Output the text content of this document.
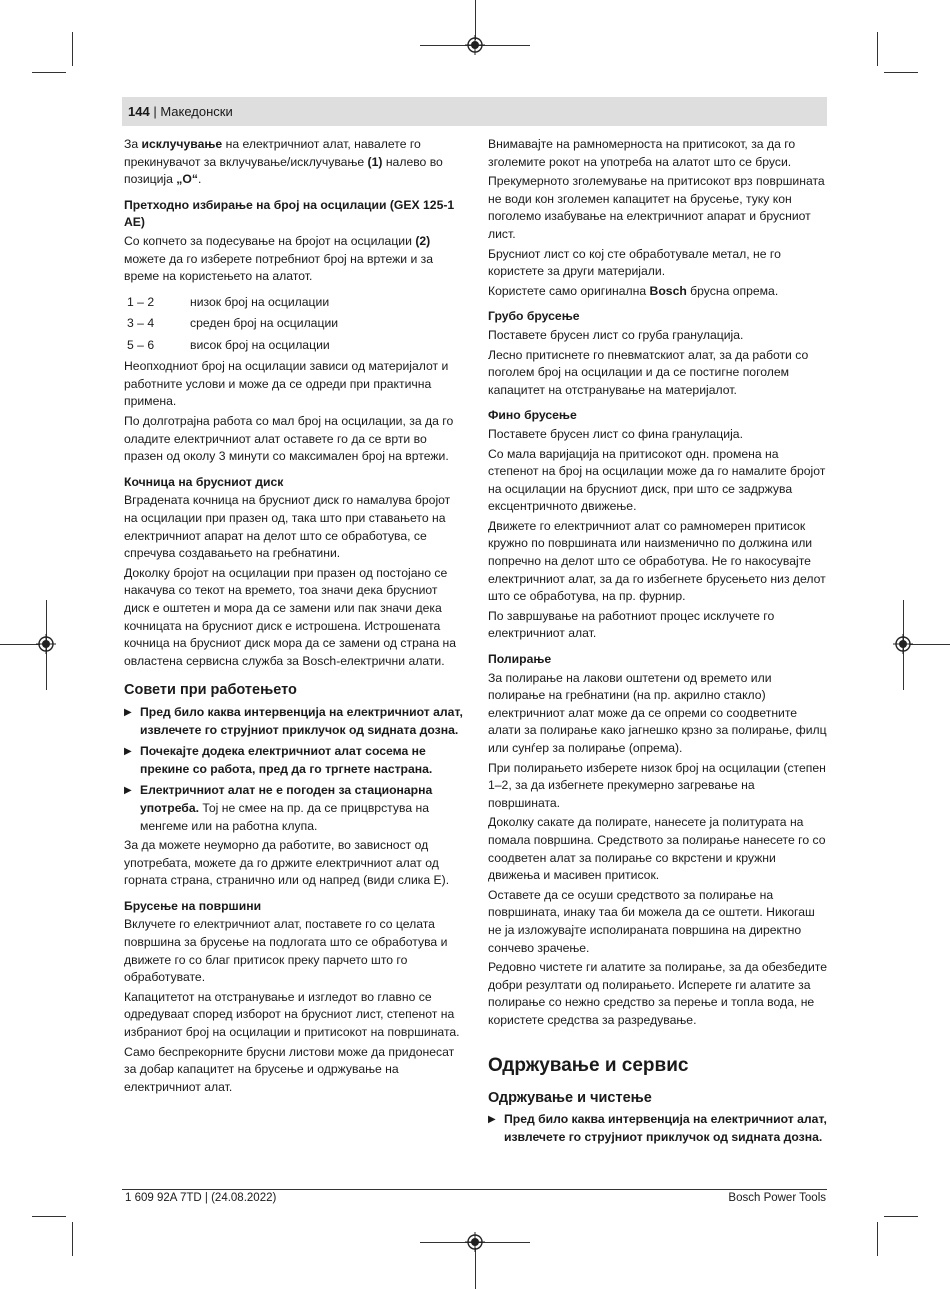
144 | Македонски

За исклучување на електричниот алат, навалете го прекинувачот за вклучување/исклучување (1) налево во позиција „O“.

Претходно избирање на број на осцилации (GEX 125-1 AE)

Со копчето за подесување на бројот на осцилации (2) можете да го изберете потребниот број на вртежи и за време на користењето на алатот.

1 – 2	низок број на осцилации
3 – 4	среден број на осцилации
5 – 6	висок број на осцилации

Неопходниот број на осцилации зависи од материјалот и работните услови и може да се одреди при практична примена.

По долготрајна работа со мал број на осцилации, за да го оладите електричниот алат оставете го да се врти во празен од околу 3 минути со максимален број на вртежи.

Кочница на брусниот диск

Вградената кочница на брусниот диск го намалува бројот на осцилации при празен од, така што при ставањето на електричниот апарат на делот што се обработува, се спречува создавањето на гребнатини.

Доколку бројот на осцилации при празен од постојано се накачува со текот на времето, тоа значи дека брусниот диск е оштетен и мора да се замени или пак значи дека кочницата на брусниот диск е истрошена. Истрошената кочница на брусниот диск мора да се замени од страна на овластена сервисна служба за Bosch-електрични алати.

Совети при работењето
▶ Пред било каква интервенција на електричниот алат, извлечете го струјниот приклучок од ѕидната дозна.
▶ Почекајте додека електричниот алат сосема не прекине со работа, пред да го тргнете настрана.
▶ Електричниот алат не е погоден за стационарна употреба. Тој не смее на пр. да се прицврстува на менгеме или на работна клупа.

За да можете неуморно да работите, во зависност од употребата, можете да го држите електричниот алат од горната страна, странично или од напред (види слика E).

Брусење на површини

Вклучете го електричниот алат, поставете го со целата површина за брусење на подлогата што се обработува и движете го со благ притисок преку парчето што го обработувате.

Капацитетот на отстранување и изгледот во главно се одредуваат според изборот на брусниот лист, степенот на избраниот број на осцилации и притисокот на површината.

Само беспрекорните брусни листови може да придонесат за добар капацитет на брусење и одржување на електричниот алат.

Внимавајте на рамномерноста на притисокот, за да го зголемите рокот на употреба на алатот што се бруси.

Прекумерното зголемување на притисокот врз површината не води кон зголемен капацитет на брусење, туку кон поголемо изабување на електричниот апарат и брусниот лист.

Брусниот лист со кој сте обработувале метал, не го користете за други материјали.

Користете само оригинална Bosch брусна опрема.

Грубо брусење

Поставете брусен лист со груба гранулација.

Лесно притиснете го пневматскиот алат, за да работи со поголем број на осцилации и да се постигне поголем капацитет на отстранување на материјалот.

Фино брусење

Поставете брусен лист со фина гранулација.

Со мала варијација на притисокот одн. промена на степенот на број на осцилации може да го намалите бројот на осцилации на брусниот диск, при што се задржува ексцентричното движење.

Движете го електричниот алат со рамномерен притисок кружно по површината или наизменично по должина или попречно на делот што се обработува. Не го накосувајте електричниот алат, за да го избегнете брусењето низ делот што се обработува, на пр. фурнир.

По завршување на работниот процес исклучете го електричниот алат.

Полирање

За полирање на лакови оштетени од времето или полирање на гребнатини (на пр. акрилно стакло) електричниот алат може да се опреми со соодветните алати за полирање како јагнешко крзно за полирање, филц или сунѓер за полирање (опрема).

При полирањето изберете низок број на осцилации (степен 1–2, за да избегнете прекумерно загревање на површината.

Доколку сакате да полирате, нанесете ја политурата на помала површина. Средството за полирање нанесете го со соодветен алат за полирање со вкрстени и кружни движења и масивен притисок.

Оставете да се осуши средството за полирање на површината, инаку таа би можела да се оштети. Никогаш не ја изложувајте исполираната површина на директно сончево зрачење.

Редовно чистете ги алатите за полирање, за да обезбедите добри резултати од полирањето. Исперете ги алатите за полирање со нежно средство за перење и топла вода, не користете средства за разредување.

Одржување и сервис
Одржување и чистење
▶ Пред било каква интервенција на електричниот алат, извлечете го струјниот приклучок од ѕидната дозна.
1 609 92A 7TD | (24.08.2022)	Bosch Power Tools
